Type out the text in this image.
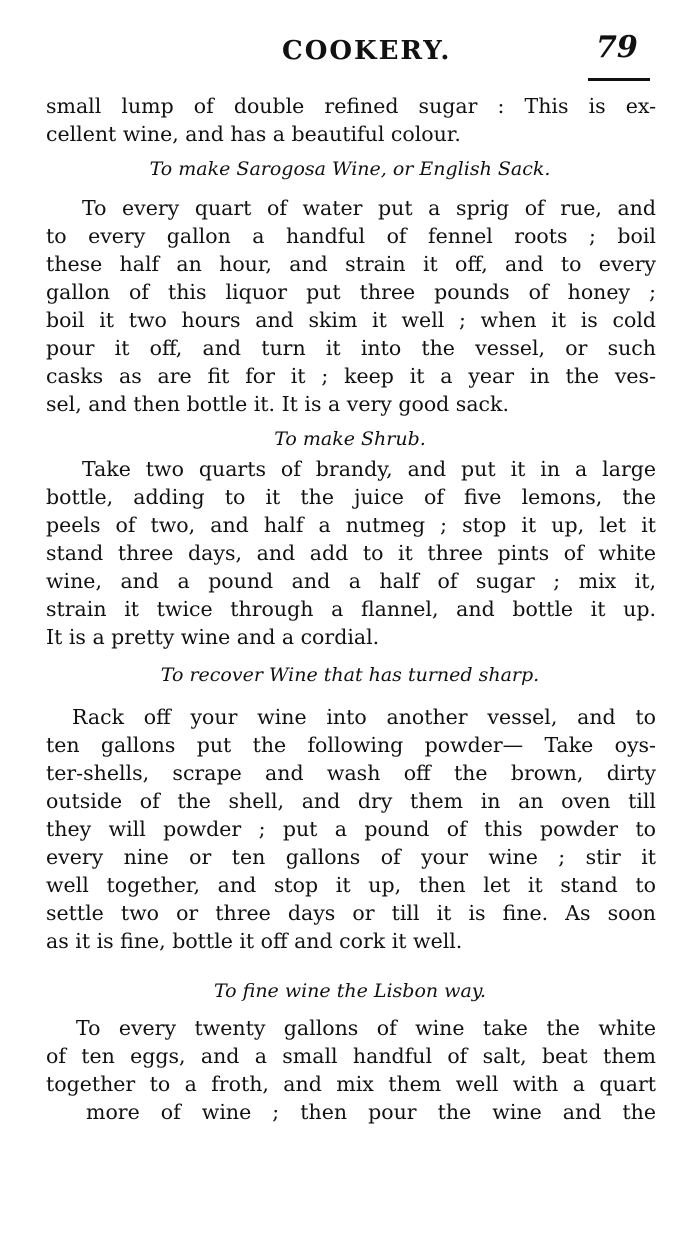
COOKERY.	79
small lump of double refined sugar : This is ex-
cellent wine, and has a beautiful colour.
To make Sarogosa Wine, or English Sack.
To every quart of water put a sprig of rue, and
to every gallon a handful of fennel roots ; boil
these half an hour, and strain it off, and to every
gallon of this liquor put three pounds of honey ;
boil it two hours and skim it well ; when it is cold
pour it off, and turn it into the vessel, or such
casks as are fit for it ; keep it a year in the ves-
sel, and then bottle it. It is a very good sack.
To make Shrub.
Take two quarts of brandy, and put it in a large
bottle, adding to it the juice of five lemons, the
peels of two, and half a nutmeg ; stop it up, let it
stand three days, and add to it three pints of white
wine, and a pound and a half of sugar ; mix it,
strain it twice through a flannel, and bottle it up.
It is a pretty wine and a cordial.
To recover Wine that has turned sharp.
Rack off your wine into another vessel, and to
ten gallons put the following powder— Take oys-
ter-shells, scrape and wash off the brown, dirty
outside of the shell, and dry them in an oven till
they will powder ; put a pound of this powder to
every nine or ten gallons of your wine ; stir it
well together, and stop it up, then let it stand to
settle two or three days or till it is fine. As soon
as it is fine, bottle it off and cork it well.
To fine wine the Lisbon way.
To every twenty gallons of wine take the white
of ten eggs, and a small handful of salt, beat them
together to a froth, and mix them well with a quart
more of wine ; then pour the wine and the
